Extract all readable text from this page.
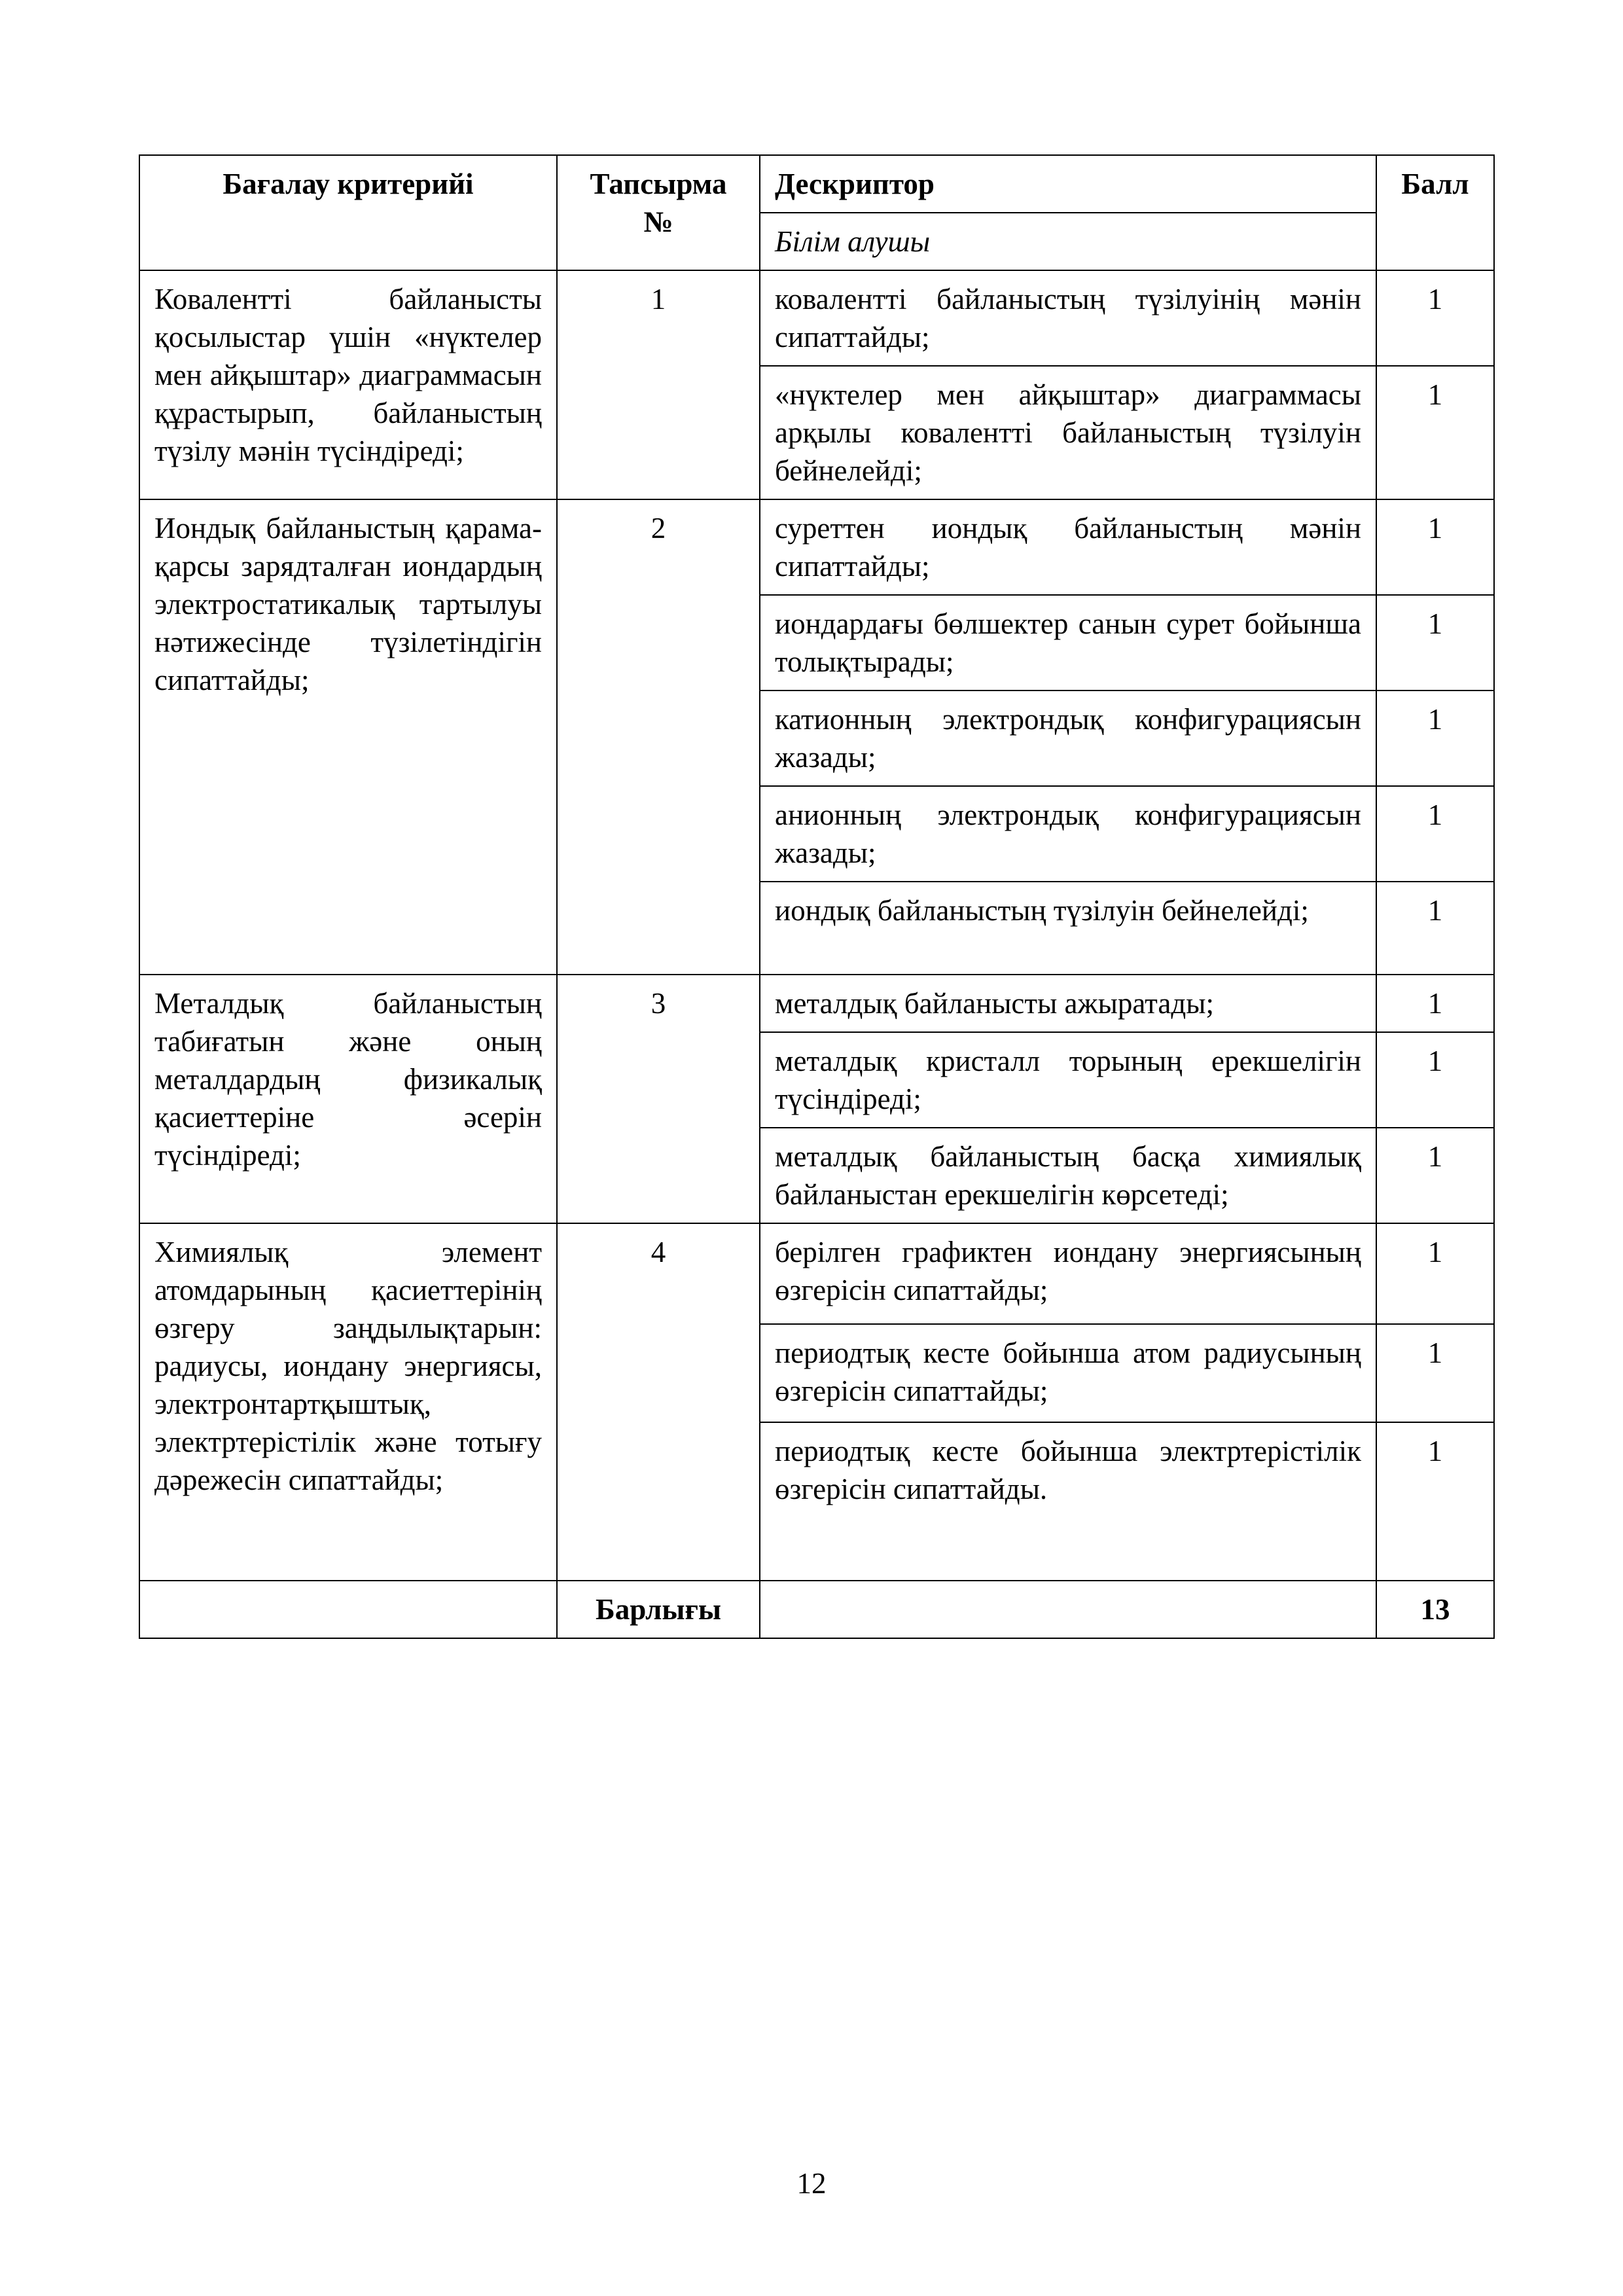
Бағалау критерийі	Тапсырма №	Дескриптор	Балл
		Білім алушы	
Коваленттi байланысты қосылыстар үшін «нүктелер мен айқыштар» диаграммасын құрастырып, байланыстың түзілу мәнін түсіндіреді;	1	ковалентті байланыстың түзілуінің мәнін сипаттайды;	1
		«нүктелер мен айқыштар» диаграммасы арқылы ковалентті байланыстың түзілуін бейнелейді;	1
Иондық байланыстың қарама-қарсы зарядталған иондардың электростатикалық тартылуы нәтижесінде түзілетіндігін сипаттайды;	2	суреттен иондық байланыстың мәнін сипаттайды;	1
		иондардағы бөлшектер санын сурет бойынша толықтырады;	1
		катионның электрондық конфигурациясын жазады;	1
		анионның электрондық конфигурациясын жазады;	1
		иондық байланыстың түзілуін бейнелейді;	1
Металдық байланыстың табиғатын және оның металдардың физикалық қасиеттеріне әсерін түсіндіреді;	3	металдық байланысты ажыратады;	1
		металдық кристалл торының ерекшелігін түсіндіреді;	1
		металдық байланыстың басқа химиялық байланыстан ерекшелігін көрсетеді;	1
Химиялық элемент атомдарының қасиеттерінің өзгеру заңдылықтарын: радиусы, иондану энергиясы, электронтартқыштық, электртерістілік және тотығу дәрежесін сипаттайды;	4	берілген графиктен иондану энергиясының өзгерісін сипаттайды;	1
		периодтық кесте бойынша атом радиусының өзгерісін сипаттайды;	1
		периодтық кесте бойынша электртерістілік өзгерісін сипаттайды.	1
	Барлығы		13
12
